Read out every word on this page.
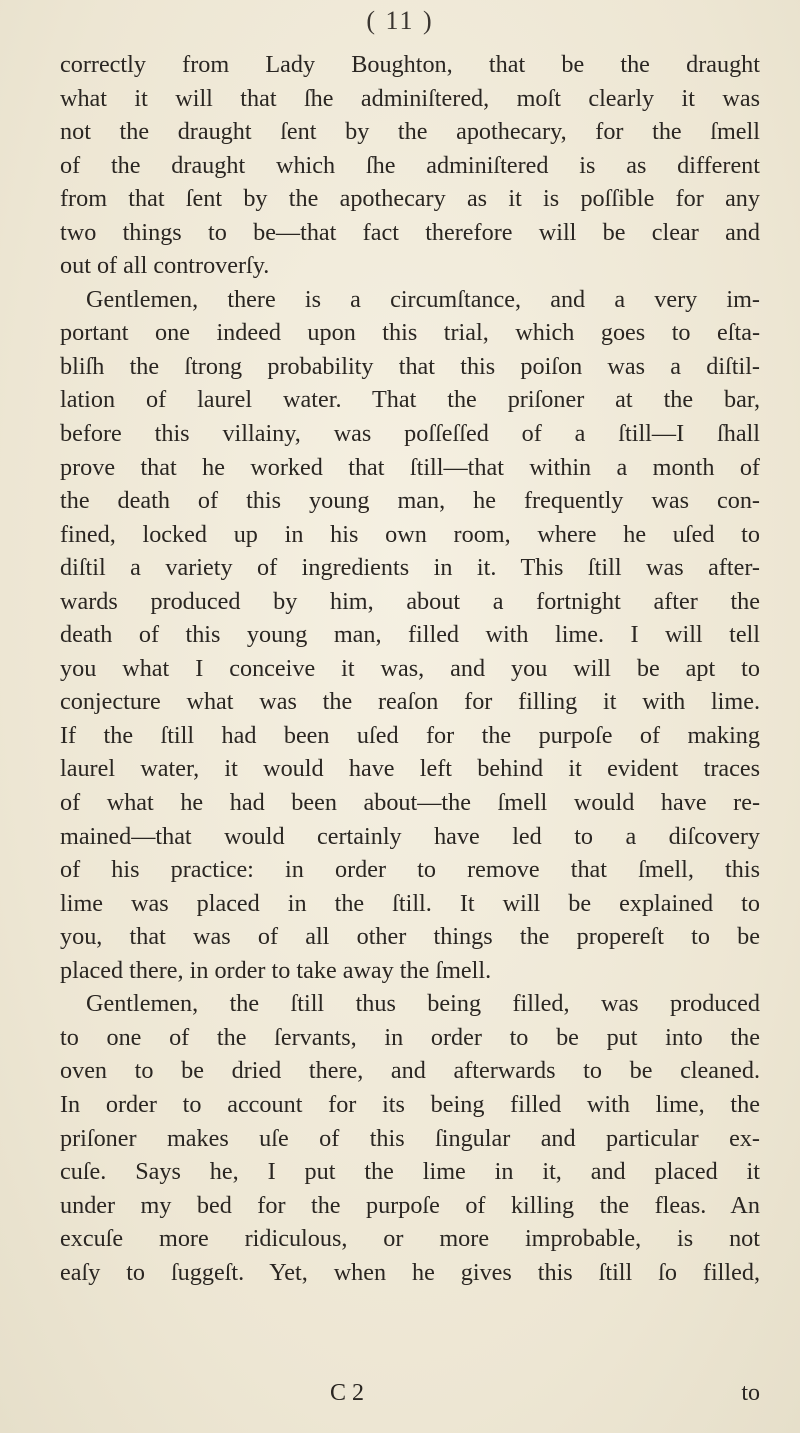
( 11 )
correctly from Lady Boughton, that be the draught
what it will that ſhe adminiſtered, moſt clearly it was
not the draught ſent by the apothecary, for the ſmell
of the draught which ſhe adminiſtered is as different
from that ſent by the apothecary as it is poſſible for any
two things to be—that fact therefore will be clear and
out of all controverſy.
Gentlemen, there is a circumſtance, and a very im-
portant one indeed upon this trial, which goes to eſta-
bliſh the ſtrong probability that this poiſon was a diſtil-
lation of laurel water. That the priſoner at the bar,
before this villainy, was poſſeſſed of a ſtill—I ſhall
prove that he worked that ſtill—that within a month of
the death of this young man, he frequently was con-
fined, locked up in his own room, where he uſed to
diſtil a variety of ingredients in it. This ſtill was after-
wards produced by him, about a fortnight after the
death of this young man, filled with lime. I will tell
you what I conceive it was, and you will be apt to
conjecture what was the reaſon for filling it with lime.
If the ſtill had been uſed for the purpoſe of making
laurel water, it would have left behind it evident traces
of what he had been about—the ſmell would have re-
mained—that would certainly have led to a diſcovery
of his practice: in order to remove that ſmell, this
lime was placed in the ſtill. It will be explained to
you, that was of all other things the propereſt to be
placed there, in order to take away the ſmell.
Gentlemen, the ſtill thus being filled, was produced
to one of the ſervants, in order to be put into the
oven to be dried there, and afterwards to be cleaned.
In order to account for its being filled with lime, the
priſoner makes uſe of this ſingular and particular ex-
cuſe. Says he, I put the lime in it, and placed it
under my bed for the purpoſe of killing the fleas. An
excuſe more ridiculous, or more improbable, is not
eaſy to ſuggeſt. Yet, when he gives this ſtill ſo filled,
C 2	to
